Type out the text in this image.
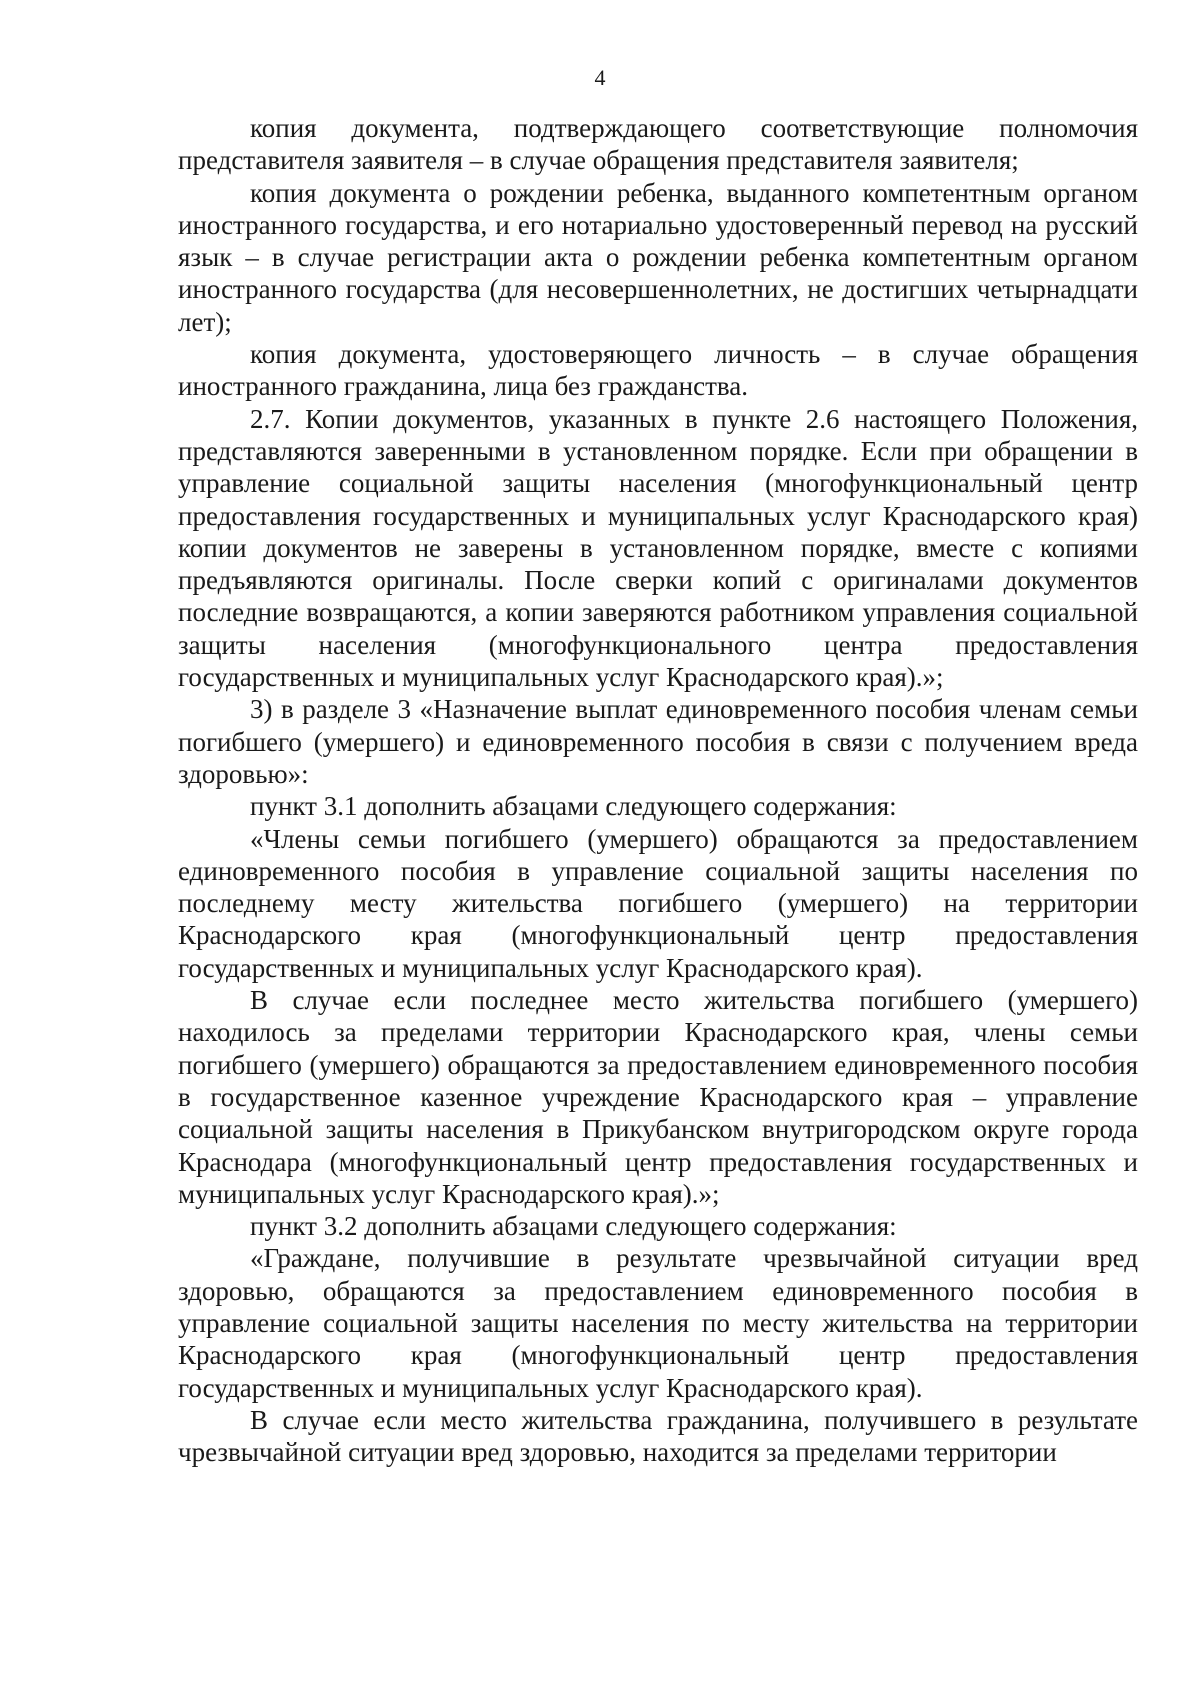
4

копия документа, подтверждающего соответствующие полномочия представителя заявителя – в случае обращения представителя заявителя;

копия документа о рождении ребенка, выданного компетентным органом иностранного государства, и его нотариально удостоверенный перевод на русский язык – в случае регистрации акта о рождении ребенка компетентным органом иностранного государства (для несовершеннолетних, не достигших четырнадцати лет);

копия документа, удостоверяющего личность – в случае обращения иностранного гражданина, лица без гражданства.

2.7. Копии документов, указанных в пункте 2.6 настоящего Положения, представляются заверенными в установленном порядке. Если при обращении в управление социальной защиты населения (многофункциональный центр предоставления государственных и муниципальных услуг Краснодарского края) копии документов не заверены в установленном порядке, вместе с копиями предъявляются оригиналы. После сверки копий с оригиналами документов последние возвращаются, а копии заверяются работником управления социальной защиты населения (многофункционального центра предоставления государственных и муниципальных услуг Краснодарского края).»;

3) в разделе 3 «Назначение выплат единовременного пособия членам семьи погибшего (умершего) и единовременного пособия в связи с получением вреда здоровью»:

пункт 3.1 дополнить абзацами следующего содержания:

«Члены семьи погибшего (умершего) обращаются за предоставлением единовременного пособия в управление социальной защиты населения по последнему месту жительства погибшего (умершего) на территории Краснодарского края (многофункциональный центр предоставления государственных и муниципальных услуг Краснодарского края).

В случае если последнее место жительства погибшего (умершего) находилось за пределами территории Краснодарского края, члены семьи погибшего (умершего) обращаются за предоставлением единовременного пособия в государственное казенное учреждение Краснодарского края – управление социальной защиты населения в Прикубанском внутригородском округе города Краснодара (многофункциональный центр предоставления государственных и муниципальных услуг Краснодарского края).»;

пункт 3.2 дополнить абзацами следующего содержания:

«Граждане, получившие в результате чрезвычайной ситуации вред здоровью, обращаются за предоставлением единовременного пособия в управление социальной защиты населения по месту жительства на территории Краснодарского края (многофункциональный центр предоставления государственных и муниципальных услуг Краснодарского края).

В случае если место жительства гражданина, получившего в результате чрезвычайной ситуации вред здоровью, находится за пределами территории
